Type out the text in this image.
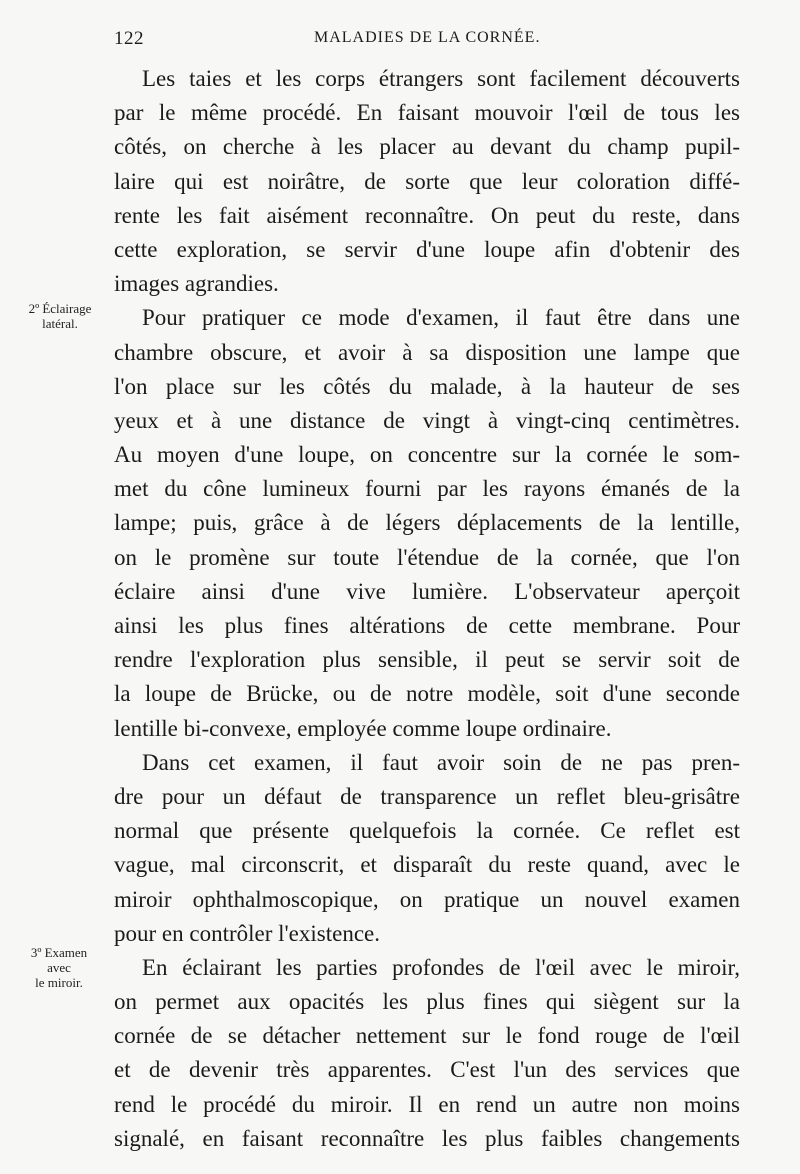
122	MALADIES DE LA CORNÉE.
2º Éclairage
latéral.
3º Examen
avec
le miroir.
Les taies et les corps étrangers sont facilement découverts
par le même procédé. En faisant mouvoir l'œil de tous les
côtés, on cherche à les placer au devant du champ pupil-
laire qui est noirâtre, de sorte que leur coloration diffé-
rente les fait aisément reconnaître. On peut du reste, dans
cette exploration, se servir d'une loupe afin d'obtenir des
images agrandies.
Pour pratiquer ce mode d'examen, il faut être dans une
chambre obscure, et avoir à sa disposition une lampe que
l'on place sur les côtés du malade, à la hauteur de ses
yeux et à une distance de vingt à vingt-cinq centimètres.
Au moyen d'une loupe, on concentre sur la cornée le som-
met du cône lumineux fourni par les rayons émanés de la
lampe; puis, grâce à de légers déplacements de la lentille,
on le promène sur toute l'étendue de la cornée, que l'on
éclaire ainsi d'une vive lumière. L'observateur aperçoit
ainsi les plus fines altérations de cette membrane. Pour
rendre l'exploration plus sensible, il peut se servir soit de
la loupe de Brücke, ou de notre modèle, soit d'une seconde
lentille bi-convexe, employée comme loupe ordinaire.
Dans cet examen, il faut avoir soin de ne pas pren-
dre pour un défaut de transparence un reflet bleu-grisâtre
normal que présente quelquefois la cornée. Ce reflet est
vague, mal circonscrit, et disparaît du reste quand, avec le
miroir ophthalmoscopique, on pratique un nouvel examen
pour en contrôler l'existence.
En éclairant les parties profondes de l'œil avec le miroir,
on permet aux opacités les plus fines qui siègent sur la
cornée de se détacher nettement sur le fond rouge de l'œil
et de devenir très apparentes. C'est l'un des services que
rend le procédé du miroir. Il en rend un autre non moins
signalé, en faisant reconnaître les plus faibles changements
